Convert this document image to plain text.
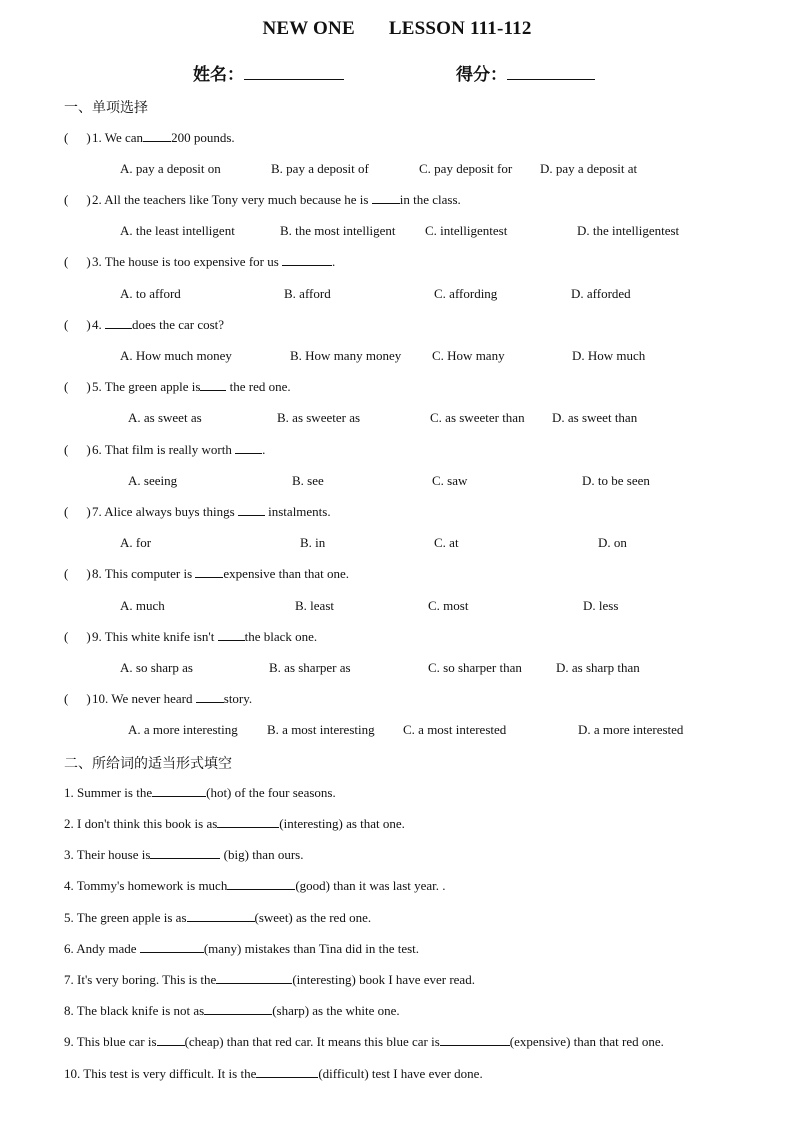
NEW ONE LESSON 111-112
姓名：	得分：
一、单项选择
( )1. We can 200 pounds.
A. pay a deposit on	B. pay a deposit of	C. pay deposit for D. pay a deposit at
( )2. All the teachers like Tony very much because he is in the class.
A. the least intelligent	B. the most intelligent C. intelligentest	D. the intelligentest
( )3. The house is too expensive for us	.
A. to afford	B. afford	C. affording	D. afforded
( )4. does the car cost?
A. How much money	B. How many money C. How many	D. How much
( )5. The green apple is the red one.
A. as sweet as	B. as sweeter as	C. as sweeter than D. as sweet than
( )6. That film is really worth .
A. seeing	B. see	C. saw	D. to be seen
( )7. Alice always buys things  instalments.
A. for	B. in	C. at	D. on
( )8. This computer is expensive than that one.
A. much	B. least	C. most	D. less
( )9. This white knife isn't the black one.
A. so sharp as	B. as sharper as	C. so sharper than	D. as sharp than
( )10. We never heard story.
A. a more interesting B. a most interesting C. a most interested	D. a more interested
二、所给词的适当形式填空
1. Summer is the	(hot) of the four seasons.
2. I don't think this book is as	(interesting) as that one.
3. Their house is	(big) than ours.
4. Tommy's homework is much	(good) than it was last year. .
5. The green apple is as	(sweet) as the red one.
6. Andy made	(many) mistakes than Tina did in the test.
7. It's very boring. This is the	(interesting) book I have ever read.
8. The black knife is not as	(sharp) as the white one.
9. This blue car is (cheap) than that red car. It means this blue car is	(expensive) than that red one.
10. This test is very difficult. It is the	(difficult) test I have ever done.
